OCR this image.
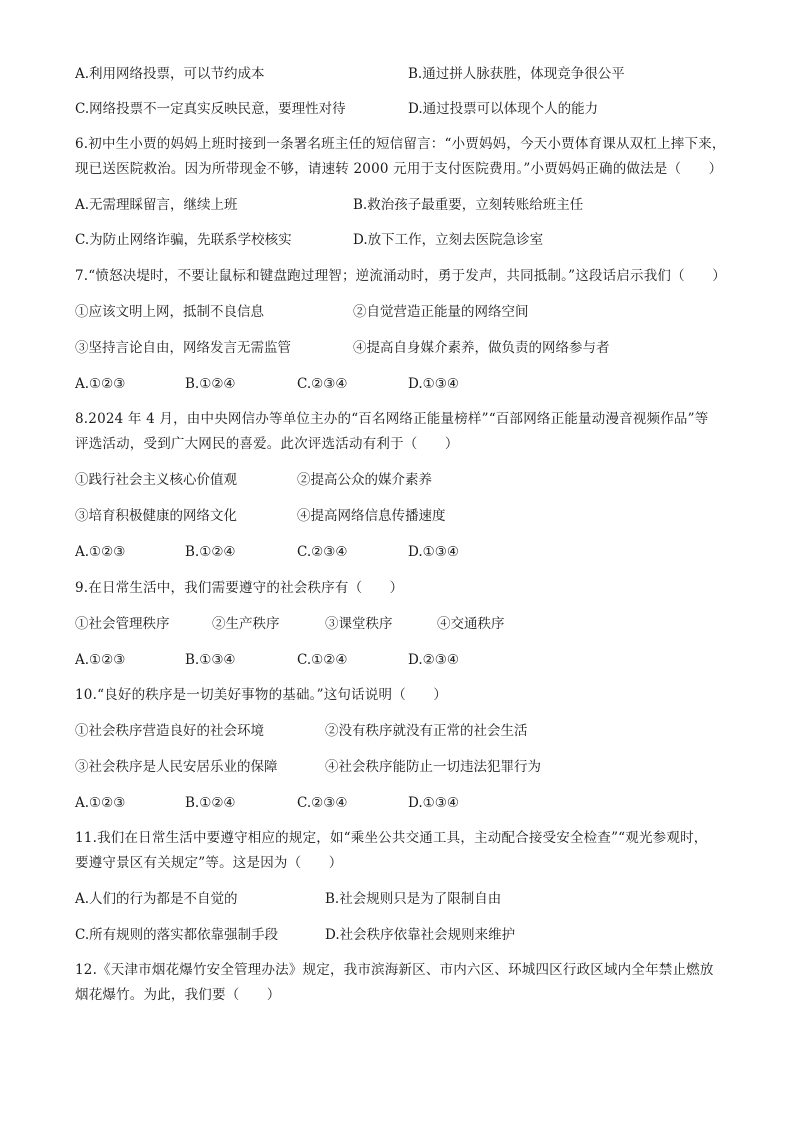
A.利用网络投票，可以节约成本	B.通过拼人脉获胜，体现竞争很公平
C.网络投票不一定真实反映民意，要理性对待	D.通过投票可以体现个人的能力
6.初中生小贾的妈妈上班时接到一条署名班主任的短信留言：“小贾妈妈，今天小贾体育课从双杠上摔下来，
现已送医院救治。因为所带现金不够，请速转 2000 元用于支付医院费用。”小贾妈妈正确的做法是（　　）
A.无需理睬留言，继续上班	B.救治孩子最重要，立刻转账给班主任
C.为防止网络诈骗，先联系学校核实	D.放下工作，立刻去医院急诊室
7.“愤怒决堤时，不要让鼠标和键盘跑过理智；逆流涌动时，勇于发声，共同抵制。”这段话启示我们（　　）
①应该文明上网，抵制不良信息	②自觉营造正能量的网络空间
③坚持言论自由，网络发言无需监管	④提高自身媒介素养，做负责的网络参与者
A.①②③	B.①②④	C.②③④	D.①③④
8.2024 年 4 月，由中央网信办等单位主办的“百名网络正能量榜样”“百部网络正能量动漫音视频作品”等
评选活动，受到广大网民的喜爱。此次评选活动有利于（　　）
①践行社会主义核心价值观	②提高公众的媒介素养
③培育积极健康的网络文化	④提高网络信息传播速度
A.①②③	B.①②④	C.②③④	D.①③④
9.在日常生活中，我们需要遵守的社会秩序有（　　）
①社会管理秩序	②生产秩序	③课堂秩序	④交通秩序
A.①②③	B.①③④	C.①②④	D.②③④
10.“良好的秩序是一切美好事物的基础。”这句话说明（　　）
①社会秩序营造良好的社会环境	②没有秩序就没有正常的社会生活
③社会秩序是人民安居乐业的保障	④社会秩序能防止一切违法犯罪行为
A.①②③	B.①②④	C.②③④	D.①③④
11.我们在日常生活中要遵守相应的规定，如“乘坐公共交通工具，主动配合接受安全检查”“观光参观时，
要遵守景区有关规定”等。这是因为（　　）
A.人们的行为都是不自觉的	B.社会规则只是为了限制自由
C.所有规则的落实都依靠强制手段	D.社会秩序依靠社会规则来维护
12.《天津市烟花爆竹安全管理办法》规定，我市滨海新区、市内六区、环城四区行政区域内全年禁止燃放
烟花爆竹。为此，我们要（　　）
